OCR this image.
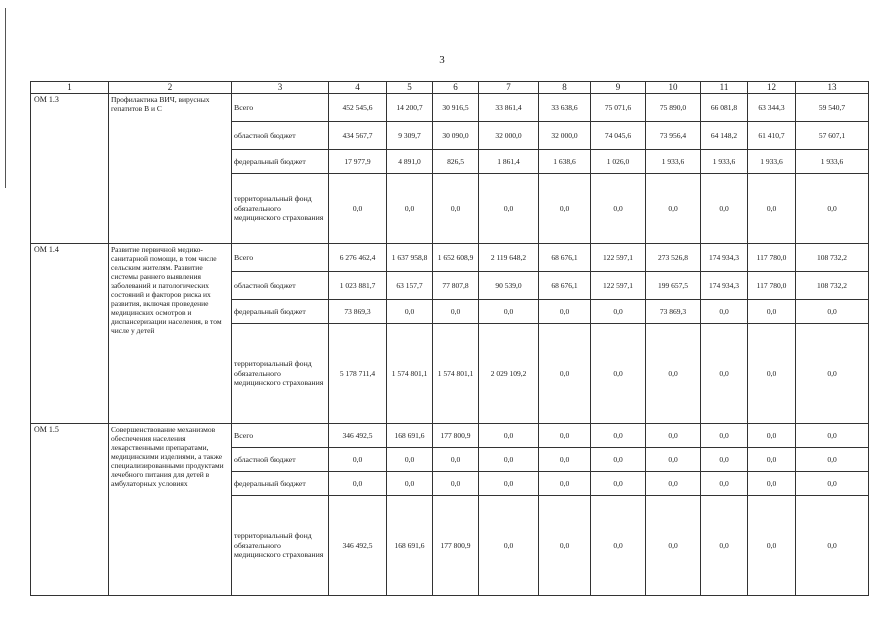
3
1	2	3	4	5	6	7	8	9	10	11	12	13
ОМ 1.3	Профилактика ВИЧ, вирусных гепатитов В и С	Всего	452 545,6	14 200,7	30 916,5	33 861,4	33 638,6	75 071,6	75 890,0	66 081,8	63 344,3	59 540,7
		областной бюджет	434 567,7	9 309,7	30 090,0	32 000,0	32 000,0	74 045,6	73 956,4	64 148,2	61 410,7	57 607,1
		федеральный бюджет	17 977,9	4 891,0	826,5	1 861,4	1 638,6	1 026,0	1 933,6	1 933,6	1 933,6	1 933,6
		территориальный фонд обязательного медицинского страхования	0,0	0,0	0,0	0,0	0,0	0,0	0,0	0,0	0,0	0,0
ОМ 1.4	Развитие первичной медико-санитарной помощи, в том числе сельским жителям. Развитие системы раннего выявления заболеваний и патологических состояний и факторов риска их развития, включая проведение медицинских осмотров и диспансеризации населения, в том числе у детей	Всего	6 276 462,4	1 637 958,8	1 652 608,9	2 119 648,2	68 676,1	122 597,1	273 526,8	174 934,3	117 780,0	108 732,2
		областной бюджет	1 023 881,7	63 157,7	77 807,8	90 539,0	68 676,1	122 597,1	199 657,5	174 934,3	117 780,0	108 732,2
		федеральный бюджет	73 869,3	0,0	0,0	0,0	0,0	0,0	73 869,3	0,0	0,0	0,0
		территориальный фонд обязательного медицинского страхования	5 178 711,4	1 574 801,1	1 574 801,1	2 029 109,2	0,0	0,0	0,0	0,0	0,0	0,0
ОМ 1.5	Совершенствование механизмов обеспечения населения лекарственными препаратами, медицинскими изделиями, а также специализированными продуктами лечебного питания для детей в амбулаторных условиях	Всего	346 492,5	168 691,6	177 800,9	0,0	0,0	0,0	0,0	0,0	0,0	0,0
		областной бюджет	0,0	0,0	0,0	0,0	0,0	0,0	0,0	0,0	0,0	0,0
		федеральный бюджет	0,0	0,0	0,0	0,0	0,0	0,0	0,0	0,0	0,0	0,0
		территориальный фонд обязательного медицинского страхования	346 492,5	168 691,6	177 800,9	0,0	0,0	0,0	0,0	0,0	0,0	0,0
